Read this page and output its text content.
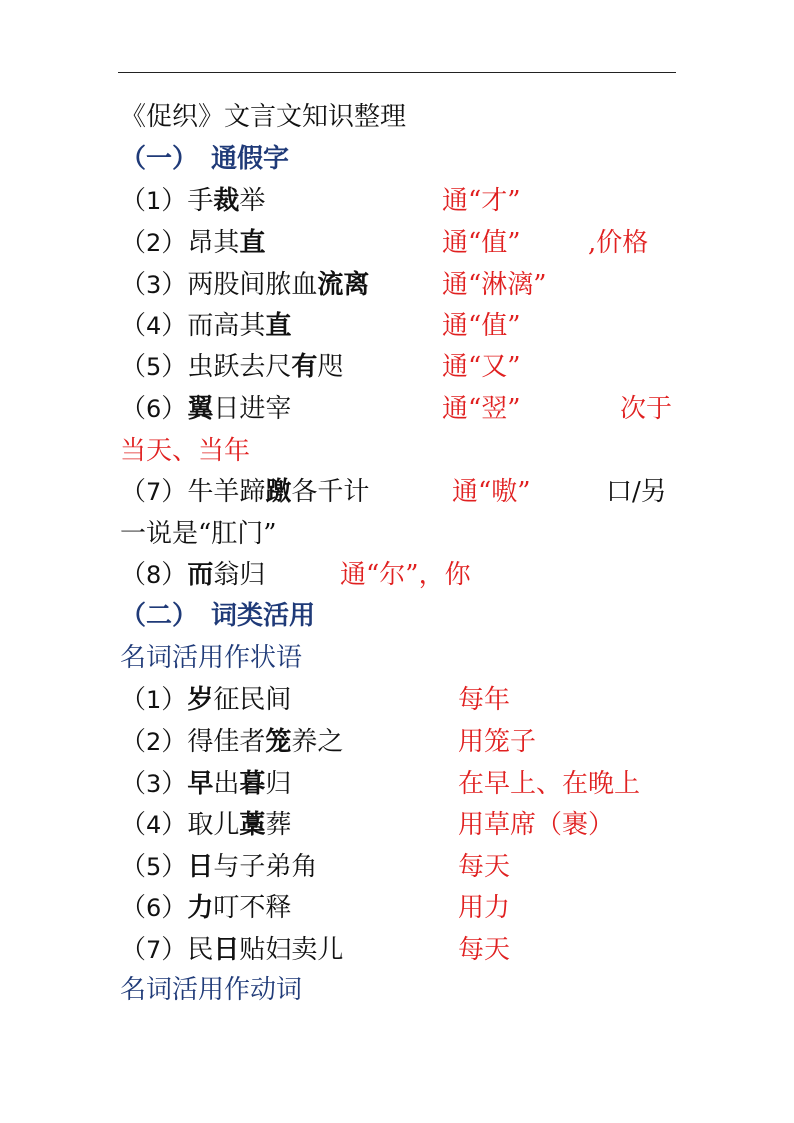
《促织》文言文知识整理
（一）　通假字
（1）手裁举	通“才”
（2）昂其直	通“值”	,价格
（3）两股间脓血流离	通“淋漓”
（4）而高其直	通“值”
（5）虫跃去尺有咫	通“又”
（6）翼日进宰	通“翌”	次于
当天、当年
（7）牛羊蹄躈各千计	通“嗷”	口/另
一说是“肛门”
（8）而翁归	通“尔”，你
（二）　词类活用
名词活用作状语
（1）岁征民间	每年
（2）得佳者笼养之	用笼子
（3）早出暮归	在早上、在晚上
（4）取儿藁葬	用草席（裹）
（5）日与子弟角	每天
（6）力叮不释	用力
（7）民日贴妇卖儿	每天
名词活用作动词
